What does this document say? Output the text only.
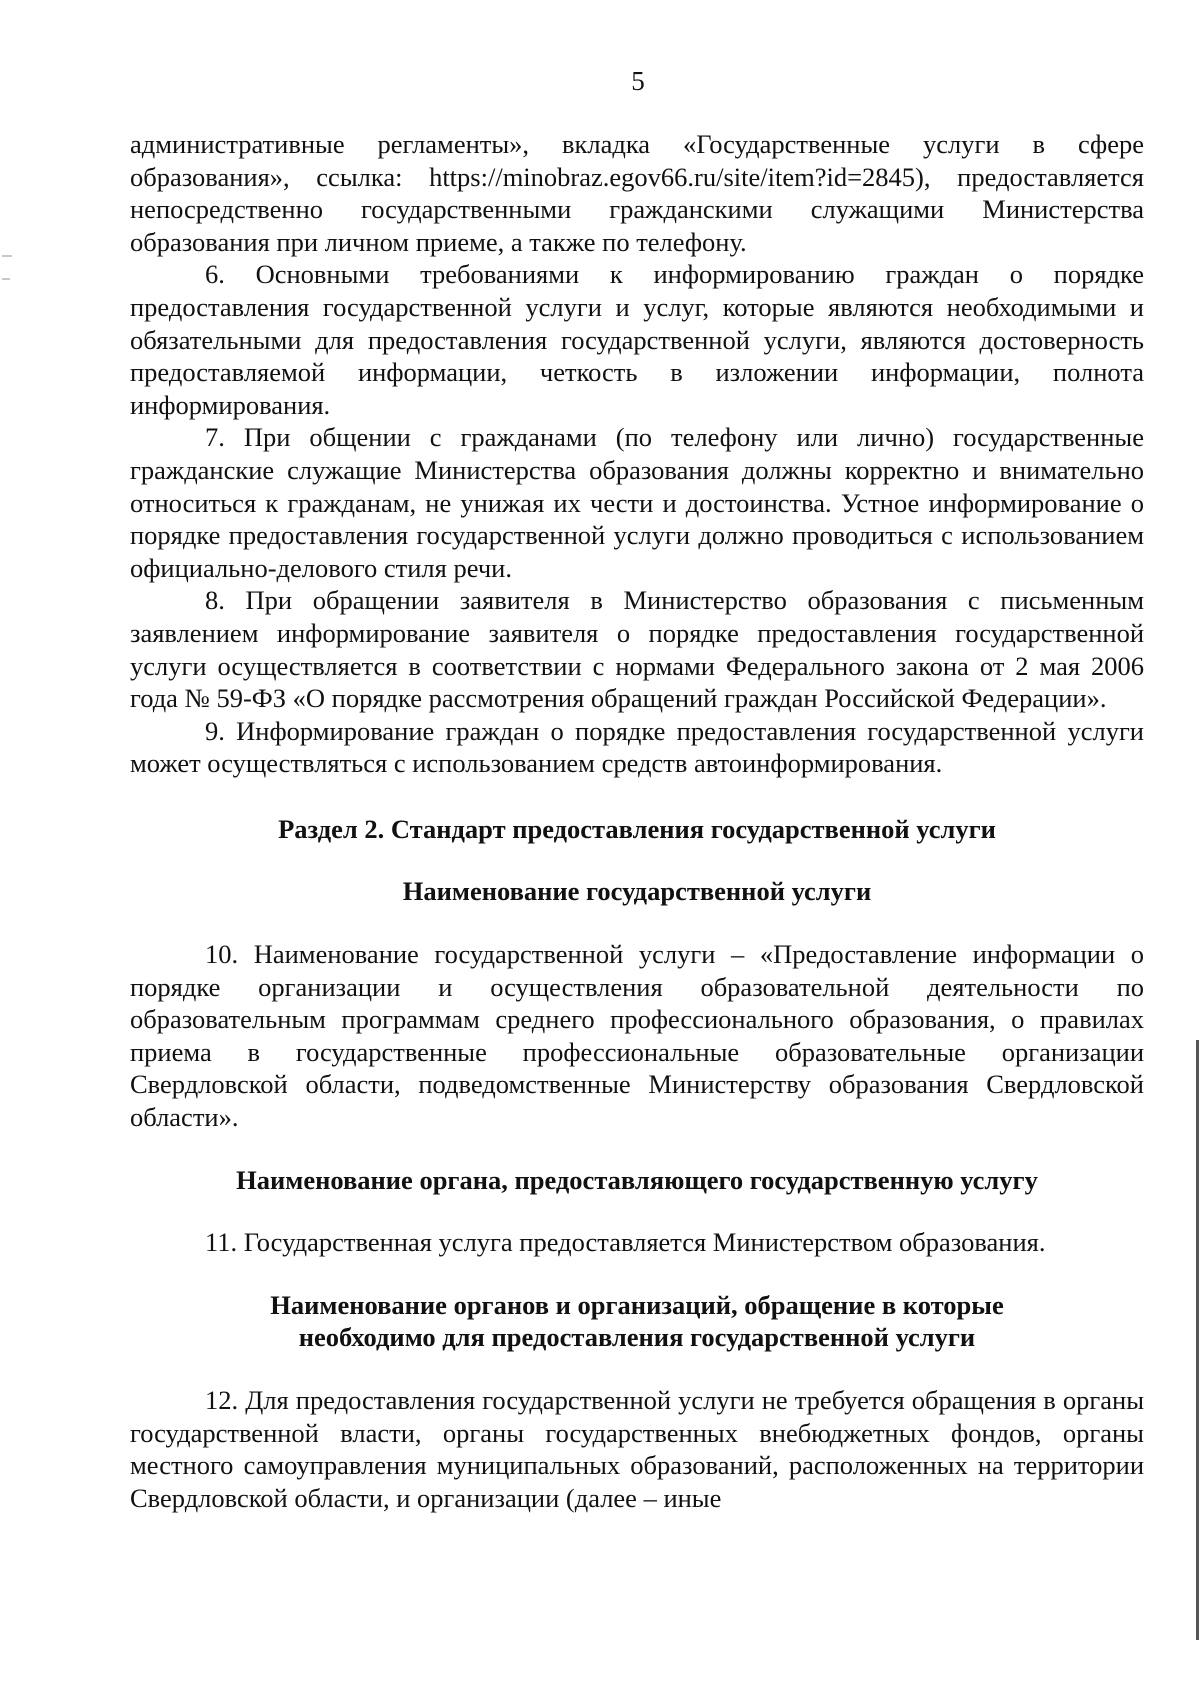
5

административные регламенты», вкладка «Государственные услуги в сфере образования», ссылка: https://minobraz.egov66.ru/site/item?id=2845), предоставляется непосредственно государственными гражданскими служащими Министерства образования при личном приеме, а также по телефону.

6. Основными требованиями к информированию граждан о порядке предоставления государственной услуги и услуг, которые являются необходимыми и обязательными для предоставления государственной услуги, являются достоверность предоставляемой информации, четкость в изложении информации, полнота информирования.

7. При общении с гражданами (по телефону или лично) государственные гражданские служащие Министерства образования должны корректно и внимательно относиться к гражданам, не унижая их чести и достоинства. Устное информирование о порядке предоставления государственной услуги должно проводиться с использованием официально-делового стиля речи.

8. При обращении заявителя в Министерство образования с письменным заявлением информирование заявителя о порядке предоставления государственной услуги осуществляется в соответствии с нормами Федерального закона от 2 мая 2006 года № 59-ФЗ «О порядке рассмотрения обращений граждан Российской Федерации».

9. Информирование граждан о порядке предоставления государственной услуги может осуществляться с использованием средств автоинформирования.

Раздел 2. Стандарт предоставления государственной услуги

Наименование государственной услуги

10. Наименование государственной услуги – «Предоставление информации о порядке организации и осуществления образовательной деятельности по образовательным программам среднего профессионального образования, о правилах приема в государственные профессиональные образовательные организации Свердловской области, подведомственные Министерству образования Свердловской области».

Наименование органа, предоставляющего государственную услугу

11. Государственная услуга предоставляется Министерством образования.

Наименование органов и организаций, обращение в которые

необходимо для предоставления государственной услуги

12. Для предоставления государственной услуги не требуется обращения в органы государственной власти, органы государственных внебюджетных фондов, органы местного самоуправления муниципальных образований, расположенных на территории Свердловской области, и организации (далее – иные
